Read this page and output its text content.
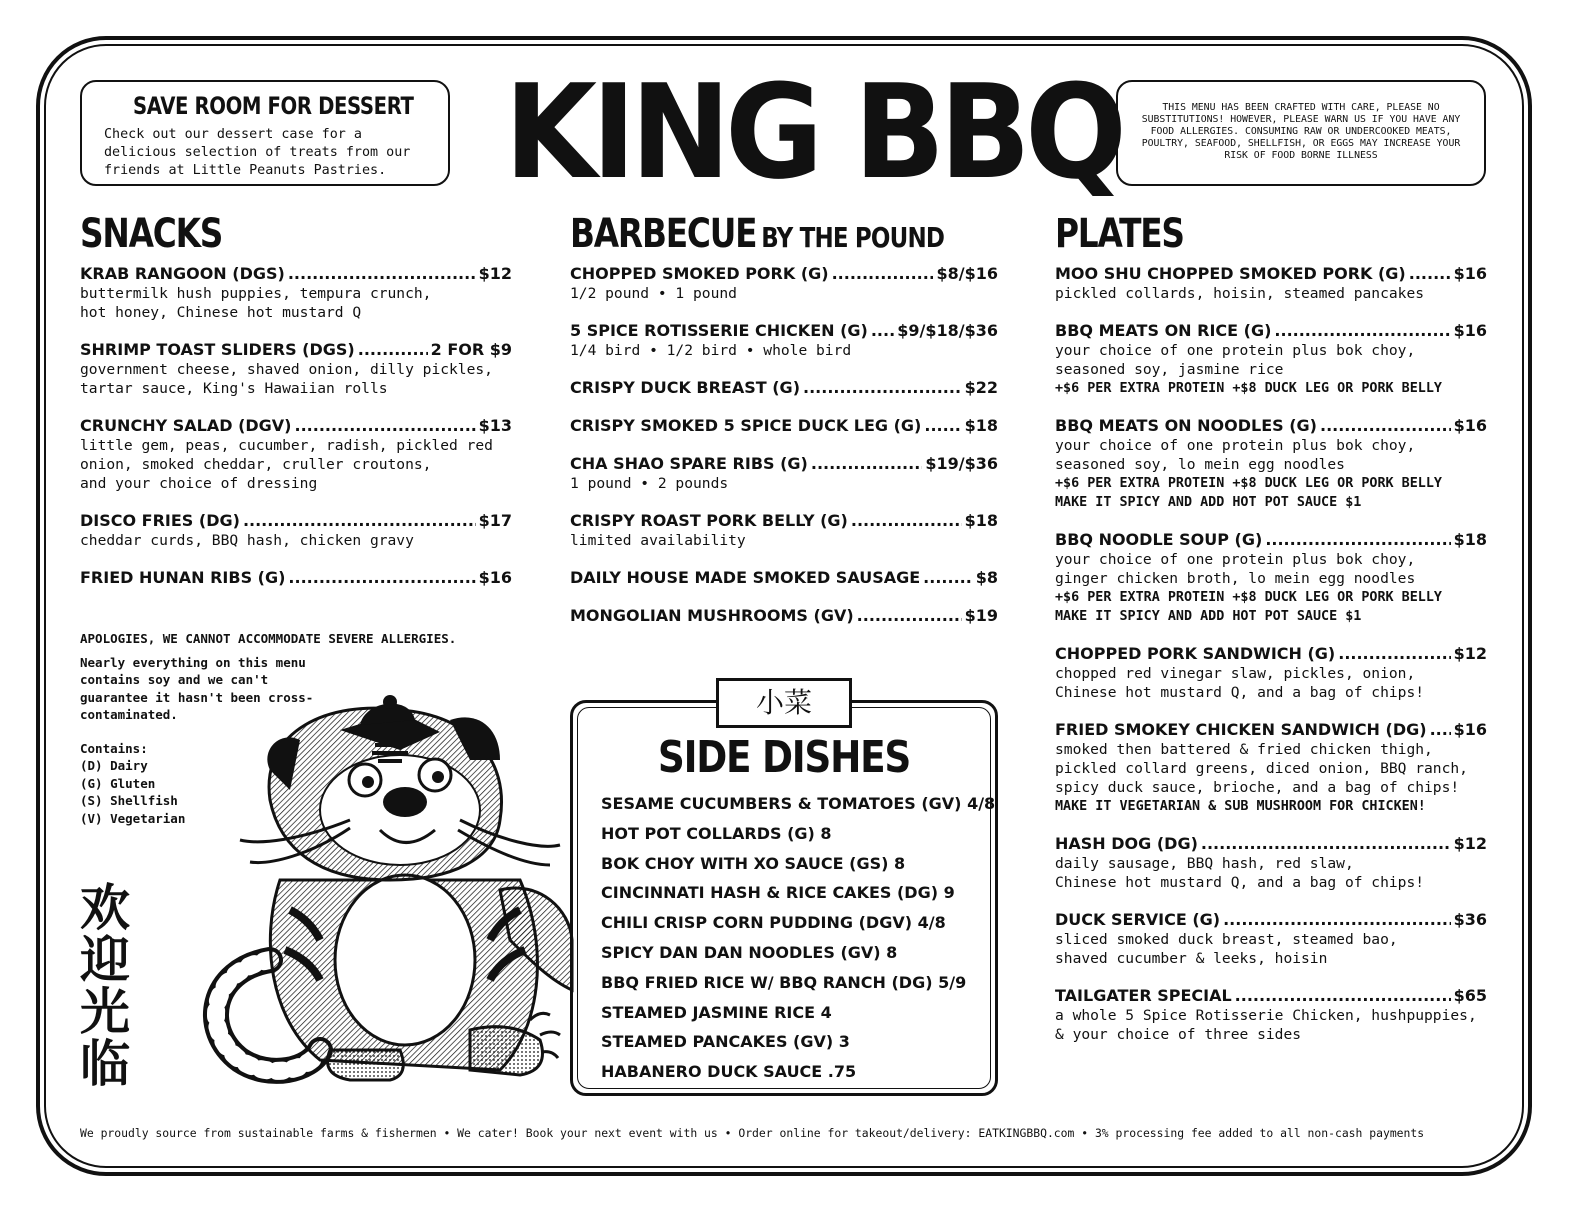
SAVE ROOM FOR DESSERT
Check out our dessert case for a delicious selection of treats from our friends at Little Peanuts Pastries. KING BBQ	THIS MENU HAS BEEN CRAFTED WITH CARE, PLEASE NO SUBSTITUTIONS! HOWEVER, PLEASE WARN US IF YOU HAVE ANY FOOD ALLERGIES. CONSUMING RAW OR UNDERCOOKED MEATS, POULTRY, SEAFOOD, SHELLFISH, OR EGGS MAY INCREASE YOUR RISK OF FOOD BORNE ILLNESS
SNACKS	BARBECUE BY THE POUND	PLATES
KRAB RANGOON (DGS) .....	$12
buttermilk hush puppies, tempura crunch,
hot honey, Chinese hot mustard Q
SHRIMP TOAST SLIDERS (DGS) .....	2 FOR $9
government cheese, shaved onion, dilly pickles,
tartar sauce, King's Hawaiian rolls
CRUNCHY SALAD (DGV) .....	$13
little gem, peas, cucumber, radish, pickled red
onion, smoked cheddar, cruller croutons,
and your choice of dressing
DISCO FRIES (DG) .....	$17
cheddar curds, BBQ hash, chicken gravy
FRIED HUNAN RIBS (G) .....	$16
CHOPPED SMOKED PORK (G) .....	$8/$16
1/2 pound • 1 pound
5 SPICE ROTISSERIE CHICKEN (G) ..... $9/$18/$36
1/4 bird • 1/2 bird • whole bird
CRISPY DUCK BREAST (G) .....	$22
CRISPY SMOKED 5 SPICE DUCK LEG (G) .....	$18
CHA SHAO SPARE RIBS (G) .....	$19/$36
1 pound • 2 pounds
CRISPY ROAST PORK BELLY (G) .....	$18
limited availability
DAILY HOUSE MADE SMOKED SAUSAGE .....	$8
MONGOLIAN MUSHROOMS (GV) .....	$19
MOO SHU CHOPPED SMOKED PORK (G) .....	$16
pickled collards, hoisin, steamed pancakes
BBQ MEATS ON RICE (G) .....	$16
your choice of one protein plus bok choy,
seasoned soy, jasmine rice
+$6 PER EXTRA PROTEIN +$8 DUCK LEG OR PORK BELLY
BBQ MEATS ON NOODLES (G) .....	$16
your choice of one protein plus bok choy,
seasoned soy, lo mein egg noodles
+$6 PER EXTRA PROTEIN +$8 DUCK LEG OR PORK BELLY
MAKE IT SPICY AND ADD HOT POT SAUCE $1
BBQ NOODLE SOUP (G) .....	$18
your choice of one protein plus bok choy,
ginger chicken broth, lo mein egg noodles
+$6 PER EXTRA PROTEIN +$8 DUCK LEG OR PORK BELLY
MAKE IT SPICY AND ADD HOT POT SAUCE $1
CHOPPED PORK SANDWICH (G) .....	$12
chopped red vinegar slaw, pickles, onion,
Chinese hot mustard Q, and a bag of chips!
FRIED SMOKEY CHICKEN SANDWICH (DG) ..... $16
smoked then battered & fried chicken thigh,
pickled collard greens, diced onion, BBQ ranch,
spicy duck sauce, brioche, and a bag of chips!
MAKE IT VEGETARIAN & SUB MUSHROOM FOR CHICKEN!
HASH DOG (DG) .....	$12
daily sausage, BBQ hash, red slaw,
Chinese hot mustard Q, and a bag of chips!
DUCK SERVICE (G) .....	$36
sliced smoked duck breast, steamed bao,
shaved cucumber & leeks, hoisin
TAILGATER SPECIAL .....	$65
a whole 5 Spice Rotisserie Chicken, hushpuppies,
& your choice of three sides
APOLOGIES, WE CANNOT ACCOMMODATE SEVERE ALLERGIES.
Nearly everything on this menu contains soy and we can't guarantee it hasn't been cross-contaminated.
Contains:
(D) Dairy
(G) Gluten
(S) Shellfish
(V) Vegetarian
欢
迎
光
临
小菜
SIDE DISHES
SESAME CUCUMBERS & TOMATOES (GV) 4/8
HOT POT COLLARDS (G) 8
BOK CHOY WITH XO SAUCE (GS) 8
CINCINNATI HASH & RICE CAKES (DG) 9
CHILI CRISP CORN PUDDING (DGV) 4/8
SPICY DAN DAN NOODLES (GV) 8
BBQ FRIED RICE W/ BBQ RANCH (DG) 5/9
STEAMED JASMINE RICE 4
STEAMED PANCAKES (GV) 3
HABANERO DUCK SAUCE .75
We proudly source from sustainable farms & fishermen • We cater! Book your next event with us • Order online for takeout/delivery: EATKINGBBQ.com • 3% processing fee added to all non-cash payments
